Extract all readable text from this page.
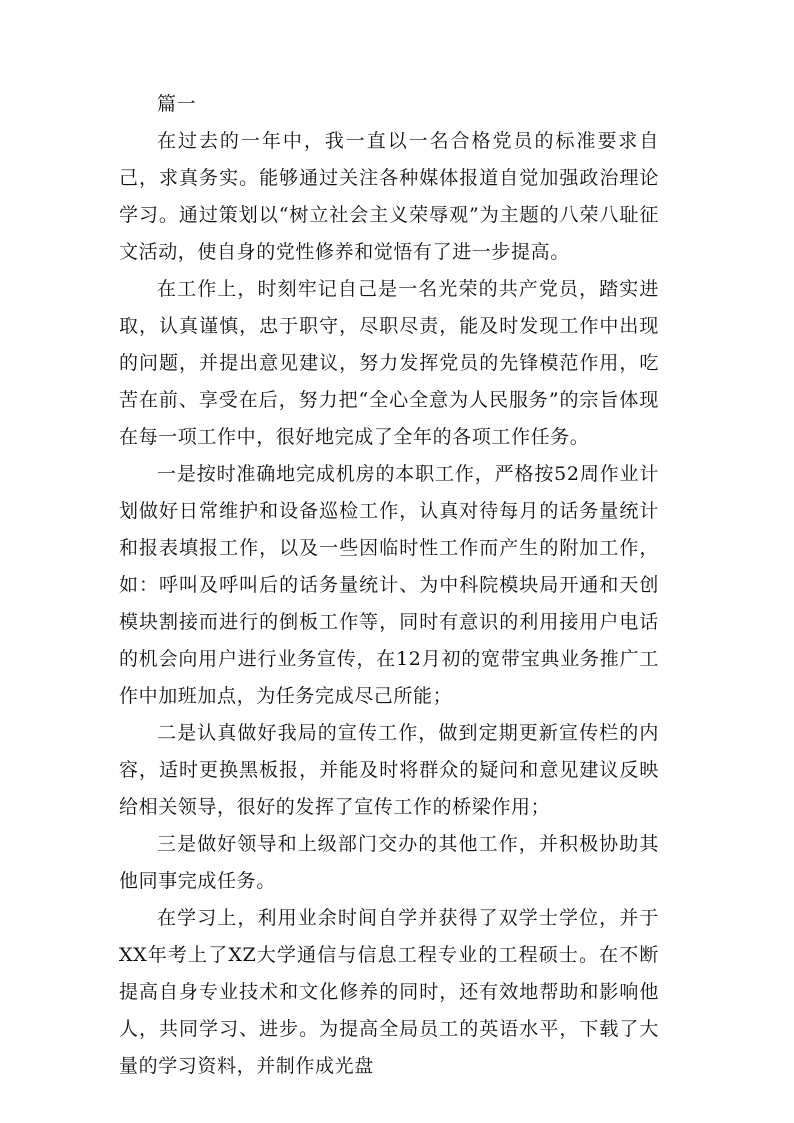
篇一

在过去的一年中，我一直以一名合格党员的标准要求自己，求真务实。能够通过关注各种媒体报道自觉加强政治理论学习。通过策划以“树立社会主义荣辱观”为主题的八荣八耻征文活动，使自身的党性修养和觉悟有了进一步提高。

在工作上，时刻牢记自己是一名光荣的共产党员，踏实进取，认真谨慎，忠于职守，尽职尽责，能及时发现工作中出现的问题，并提出意见建议，努力发挥党员的先锋模范作用，吃苦在前、享受在后，努力把“全心全意为人民服务”的宗旨体现在每一项工作中，很好地完成了全年的各项工作任务。

一是按时准确地完成机房的本职工作，严格按52周作业计划做好日常维护和设备巡检工作，认真对待每月的话务量统计和报表填报工作，以及一些因临时性工作而产生的附加工作，如：呼叫及呼叫后的话务量统计、为中科院模块局开通和天创模块割接而进行的倒板工作等，同时有意识的利用接用户电话的机会向用户进行业务宣传，在12月初的宽带宝典业务推广工作中加班加点，为任务完成尽己所能；

二是认真做好我局的宣传工作，做到定期更新宣传栏的内容，适时更换黑板报，并能及时将群众的疑问和意见建议反映给相关领导，很好的发挥了宣传工作的桥梁作用；

三是做好领导和上级部门交办的其他工作，并积极协助其他同事完成任务。

在学习上，利用业余时间自学并获得了双学士学位，并于XX年考上了XZ大学通信与信息工程专业的工程硕士。在不断提高自身专业技术和文化修养的同时，还有效地帮助和影响他人，共同学习、进步。为提高全局员工的英语水平，下载了大量的学习资料，并制作成光盘
